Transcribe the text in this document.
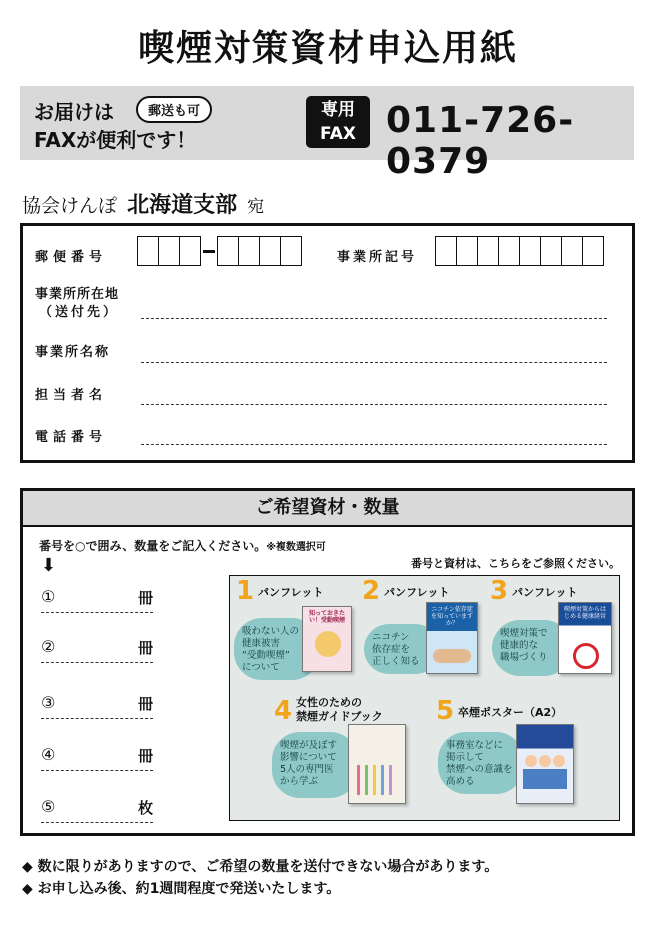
喫煙対策資材申込用紙
お届けは	郵送も可
FAXが便利です！
専用
FAX 011-726-0379
協会けんぽ 北海道支部 宛
郵便番号	事業所記号
事業所所在地
（送付先）
事業所名称
担当者名
電話番号
ご希望資材・数量
番号を○で囲み、数量をご記入ください。※複数選択可
⬇	番号と資材は、こちらをご参照ください。
①	冊
②	冊
③	冊
④	冊
⑤	枚
1 パンフレット
吸わない人の
健康被害
“受動喫煙”
について
知っておきたい！受動喫煙
2 パンフレット
ニコチン
依存症を
正しく知る
ニコチン依存症を知っていますか？
3 パンフレット
喫煙対策で
健康的な
職場づくり
喫煙対策からはじめる健康経営
4 女性のための
禁煙ガイドブック
喫煙が及ぼす
影響について
5人の専門医
から学ぶ
5 卒煙ポスター（A2）
事務室などに
掲示して
禁煙への意識を
高める
◆ 数に限りがありますので、ご希望の数量を送付できない場合があります。
◆ お申し込み後、約1週間程度で発送いたします。
